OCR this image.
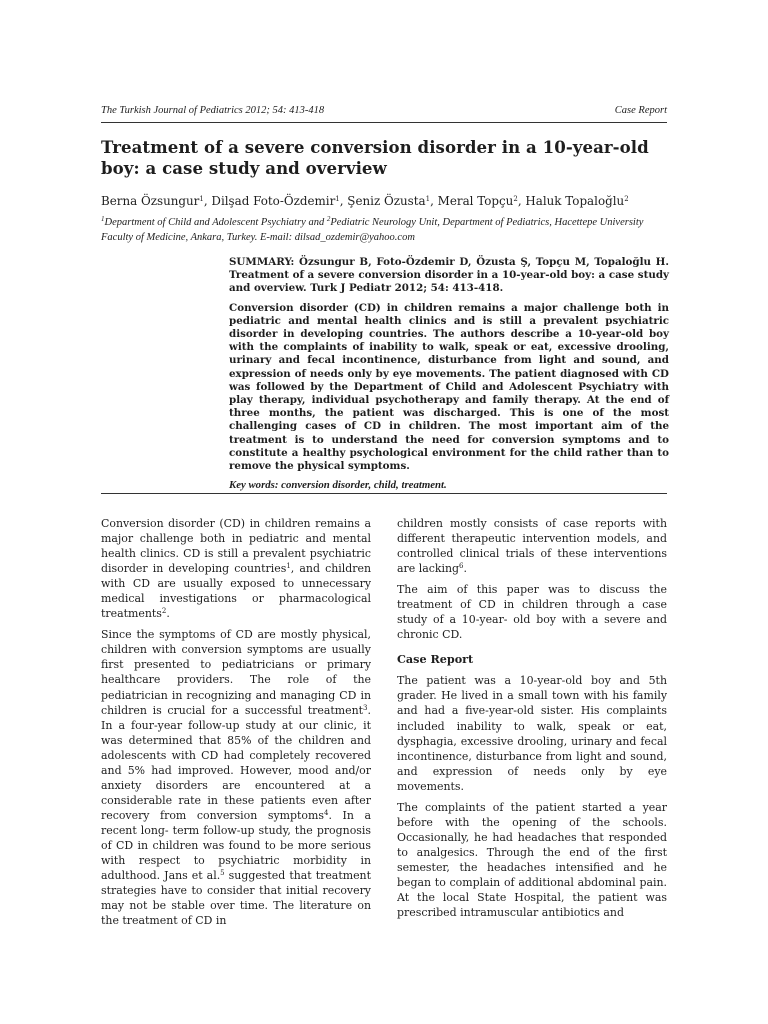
The Turkish Journal of Pediatrics 2012; 54: 413-418	Case Report
Treatment of a severe conversion disorder in a 10-year-old boy: a case study and overview
Berna Özsungur$^1$, Dilşad Foto-Özdemir$^1$, Şeniz Özusta$^1$, Meral Topçu$^2$, Haluk Topaloğlu$^2$
$^1$Department of Child and Adolescent Psychiatry and $^2$Pediatric Neurology Unit, Department of Pediatrics, Hacettepe University Faculty of Medicine, Ankara, Turkey. E-mail: dilsad_ozdemir@yahoo.com

SUMMARY: Özsungur B, Foto-Özdemir D, Özusta Ş, Topçu M, Topaloğlu H. Treatment of a severe conversion disorder in a 10-year-old boy: a case study and overview. Turk J Pediatr 2012; 54: 413-418.

Conversion disorder (CD) in children remains a major challenge both in pediatric and mental health clinics and is still a prevalent psychiatric disorder in developing countries. The authors describe a 10-year-old boy with the complaints of inability to walk, speak or eat, excessive drooling, urinary and fecal incontinence, disturbance from light and sound, and expression of needs only by eye movements. The patient diagnosed with CD was followed by the Department of Child and Adolescent Psychiatry with play therapy, individual psychotherapy and family therapy. At the end of three months, the patient was discharged. This is one of the most challenging cases of CD in children. The most important aim of the treatment is to understand the need for conversion symptoms and to constitute a healthy psychological environment for the child rather than to remove the physical symptoms.

Key words: conversion disorder, child, treatment.

Conversion disorder (CD) in children remains a major challenge both in pediatric and mental health clinics. CD is still a prevalent psychiatric disorder in developing countries$^1$, and children with CD are usually exposed to unnecessary medical investigations or pharmacological treatments$^2$.

Since the symptoms of CD are mostly physical, children with conversion symptoms are usually first presented to pediatricians or primary healthcare providers. The role of the pediatrician in recognizing and managing CD in children is crucial for a successful treatment$^3$. In a four-year follow-up study at our clinic, it was determined that 85% of the children and adolescents with CD had completely recovered and 5% had improved. However, mood and/or anxiety disorders are encountered at a considerable rate in these patients even after recovery from conversion symptoms$^4$. In a recent long- term follow-up study, the prognosis of CD in children was found to be more serious with respect to psychiatric morbidity in adulthood. Jans et al.$^5$ suggested that treatment strategies have to consider that initial recovery may not be stable over time. The literature on the treatment of CD in

children mostly consists of case reports with different therapeutic intervention models, and controlled clinical trials of these interventions are lacking$^6$.

The aim of this paper was to discuss the treatment of CD in children through a case study of a 10-year- old boy with a severe and chronic CD.

Case Report

The patient was a 10-year-old boy and 5th grader. He lived in a small town with his family and had a five-year-old sister. His complaints included inability to walk, speak or eat, dysphagia, excessive drooling, urinary and fecal incontinence, disturbance from light and sound, and expression of needs only by eye movements.

The complaints of the patient started a year before with the opening of the schools. Occasionally, he had headaches that responded to analgesics. Through the end of the first semester, the headaches intensified and he began to complain of additional abdominal pain. At the local State Hospital, the patient was prescribed intramuscular antibiotics and
